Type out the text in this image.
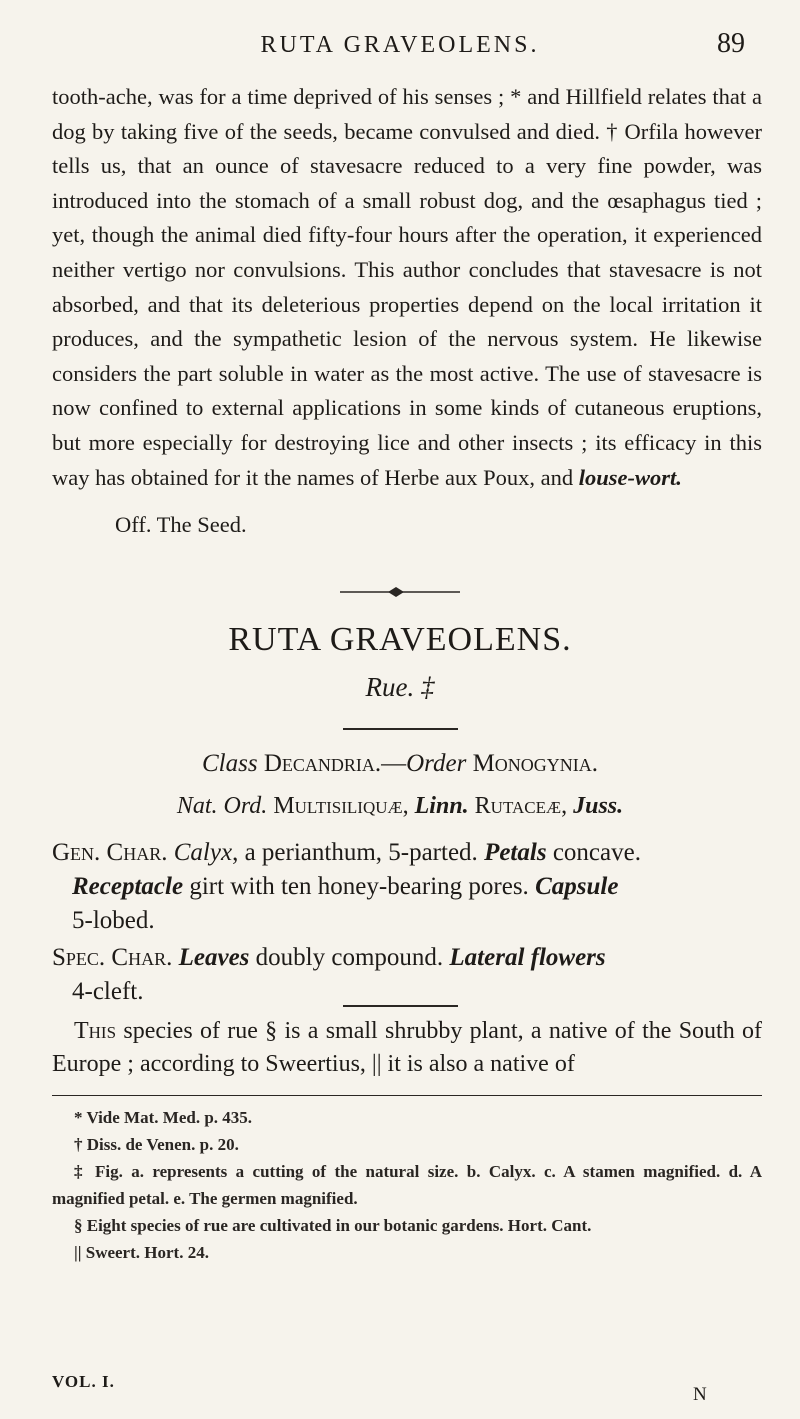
RUTA GRAVEOLENS.	89

tooth-ache, was for a time deprived of his senses ; * and Hillfield relates that a dog by taking five of the seeds, became convulsed and died. † Orfila however tells us, that an ounce of stavesacre reduced to a very fine powder, was introduced into the stomach of a small robust dog, and the œsaphagus tied ; yet, though the animal died fifty-four hours after the operation, it experienced neither vertigo nor convulsions. This author concludes that stavesacre is not absorbed, and that its deleterious properties depend on the local irritation it produces, and the sympathetic lesion of the nervous system. He likewise considers the part soluble in water as the most active. The use of stavesacre is now confined to external applications in some kinds of cutaneous eruptions, but more especially for destroying lice and other insects ; its efficacy in this way has obtained for it the names of Herbe aux Poux, and louse-wort.

Off. The Seed.
RUTA GRAVEOLENS.
Rue. ‡
Class Decandria.—Order Monogynia.
Nat. Ord. Multisiliquæ, Linn. Rutaceæ, Juss.
Gen. Char. Calyx, a perianthum, 5-parted. Petals concave.
Receptacle girt with ten honey-bearing pores. Capsule
5-lobed.
Spec. Char. Leaves doubly compound. Lateral flowers
4-cleft.

This species of rue § is a small shrubby plant, a native of the South of Europe ; according to Sweertius, || it is also a native of

* Vide Mat. Med. p. 435.

† Diss. de Venen. p. 20.

‡ Fig. a. represents a cutting of the natural size. b. Calyx. c. A stamen magnified. d. A magnified petal. e. The germen magnified.

§ Eight species of rue are cultivated in our botanic gardens. Hort. Cant.

|| Sweert. Hort. 24.

VOL. I.
N
